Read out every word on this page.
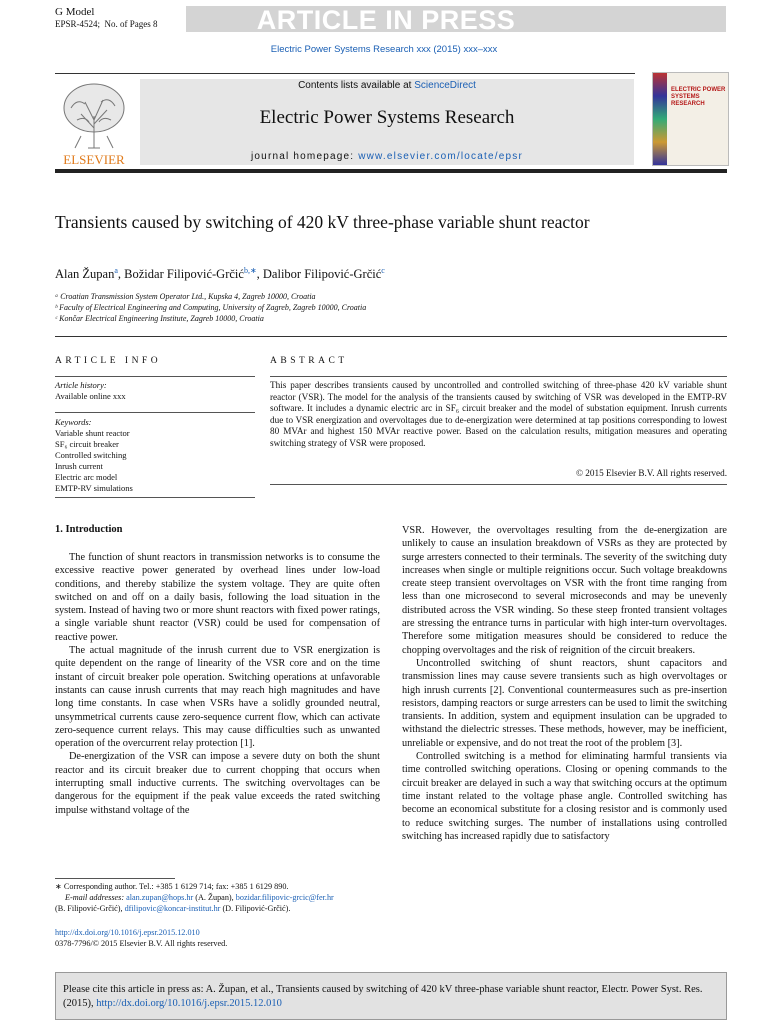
G Model
EPSR-4524; No. of Pages 8	ARTICLE IN PRESS
Electric Power Systems Research xxx (2015) xxx–xxx
ELSEVIER
Contents lists available at ScienceDirect
Electric Power Systems Research
journal homepage: www.elsevier.com/locate/epsr
ELECTRIC POWER SYSTEMS RESEARCH
Transients caused by switching of 420 kV three-phase variable shunt reactor
Alan Župan$^a$, Božidar Filipović-Grčić$^{b,∗}$, Dalibor Filipović-Grčić$^c$
ᵃ Croatian Transmission System Operator Ltd., Kupska 4, Zagreb 10000, Croatia
ᵇ Faculty of Electrical Engineering and Computing, University of Zagreb, Zagreb 10000, Croatia
ᶜ Končar Electrical Engineering Institute, Zagreb 10000, Croatia
ARTICLE INFO
Article history:
Available online xxx
Keywords:
Variable shunt reactor
SF₆ circuit breaker
Controlled switching
Inrush current
Electric arc model
EMTP-RV simulations
ABSTRACT
This paper describes transients caused by uncontrolled and controlled switching of three-phase 420 kV variable shunt reactor (VSR). The model for the analysis of the transients caused by switching of VSR was developed in the EMTP-RV software. It includes a dynamic electric arc in SF₆ circuit breaker and the model of substation equipment. Inrush currents due to VSR energization and overvoltages due to de-energization were determined at tap positions corresponding to lowest 80 MVAr and highest 150 MVAr reactive power. Based on the calculation results, mitigation measures and operating switching strategy of VSR were proposed.
© 2015 Elsevier B.V. All rights reserved.
1. Introduction

The function of shunt reactors in transmission networks is to consume the excessive reactive power generated by overhead lines under low-load conditions, and thereby stabilize the system voltage. They are quite often switched on and off on a daily basis, following the load situation in the system. Instead of having two or more shunt reactors with fixed power ratings, a single variable shunt reactor (VSR) could be used for compensation of reactive power.

The actual magnitude of the inrush current due to VSR energization is quite dependent on the range of linearity of the VSR core and on the time instant of circuit breaker pole operation. Switching operations at unfavorable instants can cause inrush currents that may reach high magnitudes and have long time constants. In case when VSRs have a solidly grounded neutral, unsymmetrical currents cause zero-sequence current flow, which can activate zero-sequence current relays. This may cause difficulties such as unwanted operation of the overcurrent relay protection [1].

De-energization of the VSR can impose a severe duty on both the shunt reactor and its circuit breaker due to current chopping that occurs when interrupting small inductive currents. The switching overvoltages can be dangerous for the equipment if the peak value exceeds the rated switching impulse withstand voltage of the

VSR. However, the overvoltages resulting from the de-energization are unlikely to cause an insulation breakdown of VSRs as they are protected by surge arresters connected to their terminals. The severity of the switching duty increases when single or multiple reignitions occur. Such voltage breakdowns create steep transient overvoltages on VSR with the front time ranging from less than one microsecond to several microseconds and may be unevenly distributed across the VSR winding. So these steep fronted transient voltages are stressing the entrance turns in particular with high inter-turn overvoltages. Therefore some mitigation measures should be considered to reduce the chopping overvoltages and the risk of reignition of the circuit breakers.

Uncontrolled switching of shunt reactors, shunt capacitors and transmission lines may cause severe transients such as high overvoltages or high inrush currents [2]. Conventional countermeasures such as pre-insertion resistors, damping reactors or surge arresters can be used to limit the switching transients. In addition, system and equipment insulation can be upgraded to withstand the dielectric stresses. These methods, however, may be inefficient, unreliable or expensive, and do not treat the root of the problem [3].

Controlled switching is a method for eliminating harmful transients via time controlled switching operations. Closing or opening commands to the circuit breaker are delayed in such a way that switching occurs at the optimum time instant related to the voltage phase angle. Controlled switching has become an economical substitute for a closing resistor and is commonly used to reduce switching surges. The number of installations using controlled switching has increased rapidly due to satisfactory

∗ Corresponding author. Tel.: +385 1 6129 714; fax: +385 1 6129 890.
E-mail addresses: alan.zupan@hops.hr (A. Župan), bozidar.filipovic-grcic@fer.hr
(B. Filipović-Grčić), dfilipovic@koncar-institut.hr (D. Filipović-Grčić).
http://dx.doi.org/10.1016/j.epsr.2015.12.010
0378-7796/© 2015 Elsevier B.V. All rights reserved.
Please cite this article in press as: A. Župan, et al., Transients caused by switching of 420 kV three-phase variable shunt reactor, Electr. Power Syst. Res. (2015), http://dx.doi.org/10.1016/j.epsr.2015.12.010
